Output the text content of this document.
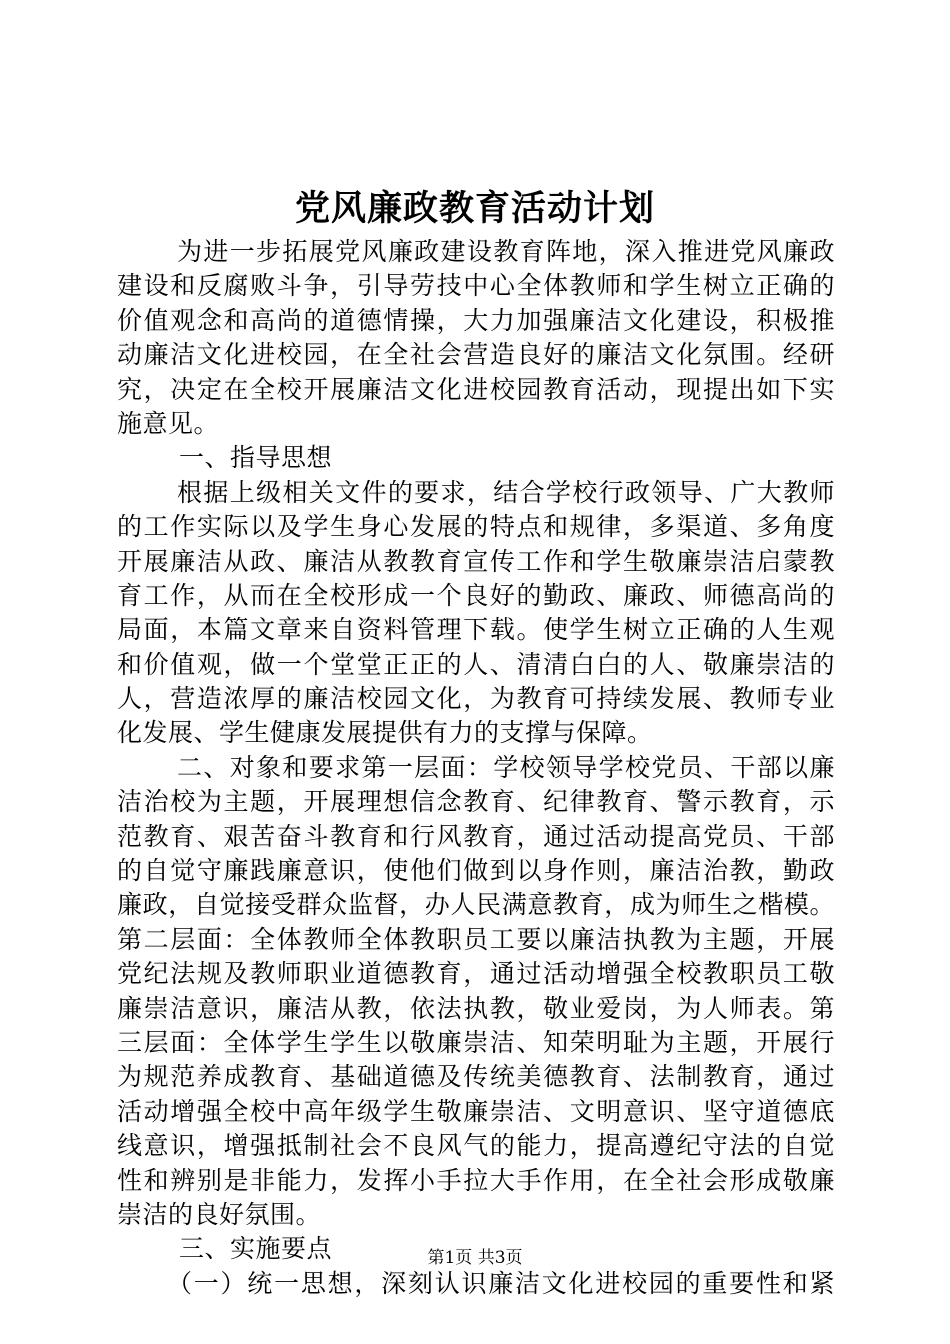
党风廉政教育活动计划
为进一步拓展党风廉政建设教育阵地，深入推进党风廉政
建设和反腐败斗争，引导劳技中心全体教师和学生树立正确的
价值观念和高尚的道德情操，大力加强廉洁文化建设，积极推
动廉洁文化进校园，在全社会营造良好的廉洁文化氛围。经研
究，决定在全校开展廉洁文化进校园教育活动，现提出如下实
施意见。
一、指导思想
根据上级相关文件的要求，结合学校行政领导、广大教师
的工作实际以及学生身心发展的特点和规律，多渠道、多角度
开展廉洁从政、廉洁从教教育宣传工作和学生敬廉崇洁启蒙教
育工作，从而在全校形成一个良好的勤政、廉政、师德高尚的
局面，本篇文章来自资料管理下载。使学生树立正确的人生观
和价值观，做一个堂堂正正的人、清清白白的人、敬廉崇洁的
人，营造浓厚的廉洁校园文化，为教育可持续发展、教师专业
化发展、学生健康发展提供有力的支撑与保障。
二、对象和要求第一层面：学校领导学校党员、干部以廉
洁治校为主题，开展理想信念教育、纪律教育、警示教育，示
范教育、艰苦奋斗教育和行风教育，通过活动提高党员、干部
的自觉守廉践廉意识，使他们做到以身作则，廉洁治教，勤政
廉政，自觉接受群众监督，办人民满意教育，成为师生之楷模。
第二层面：全体教师全体教职员工要以廉洁执教为主题，开展
党纪法规及教师职业道德教育，通过活动增强全校教职员工敬
廉崇洁意识，廉洁从教，依法执教，敬业爱岗，为人师表。第
三层面：全体学生学生以敬廉崇洁、知荣明耻为主题，开展行
为规范养成教育、基础道德及传统美德教育、法制教育，通过
活动增强全校中高年级学生敬廉崇洁、文明意识、坚守道德底
线意识，增强抵制社会不良风气的能力，提高遵纪守法的自觉
性和辨别是非能力，发挥小手拉大手作用，在全社会形成敬廉
崇洁的良好氛围。
三、实施要点
（一）统一思想，深刻认识廉洁文化进校园的重要性和紧
第1页 共3页
